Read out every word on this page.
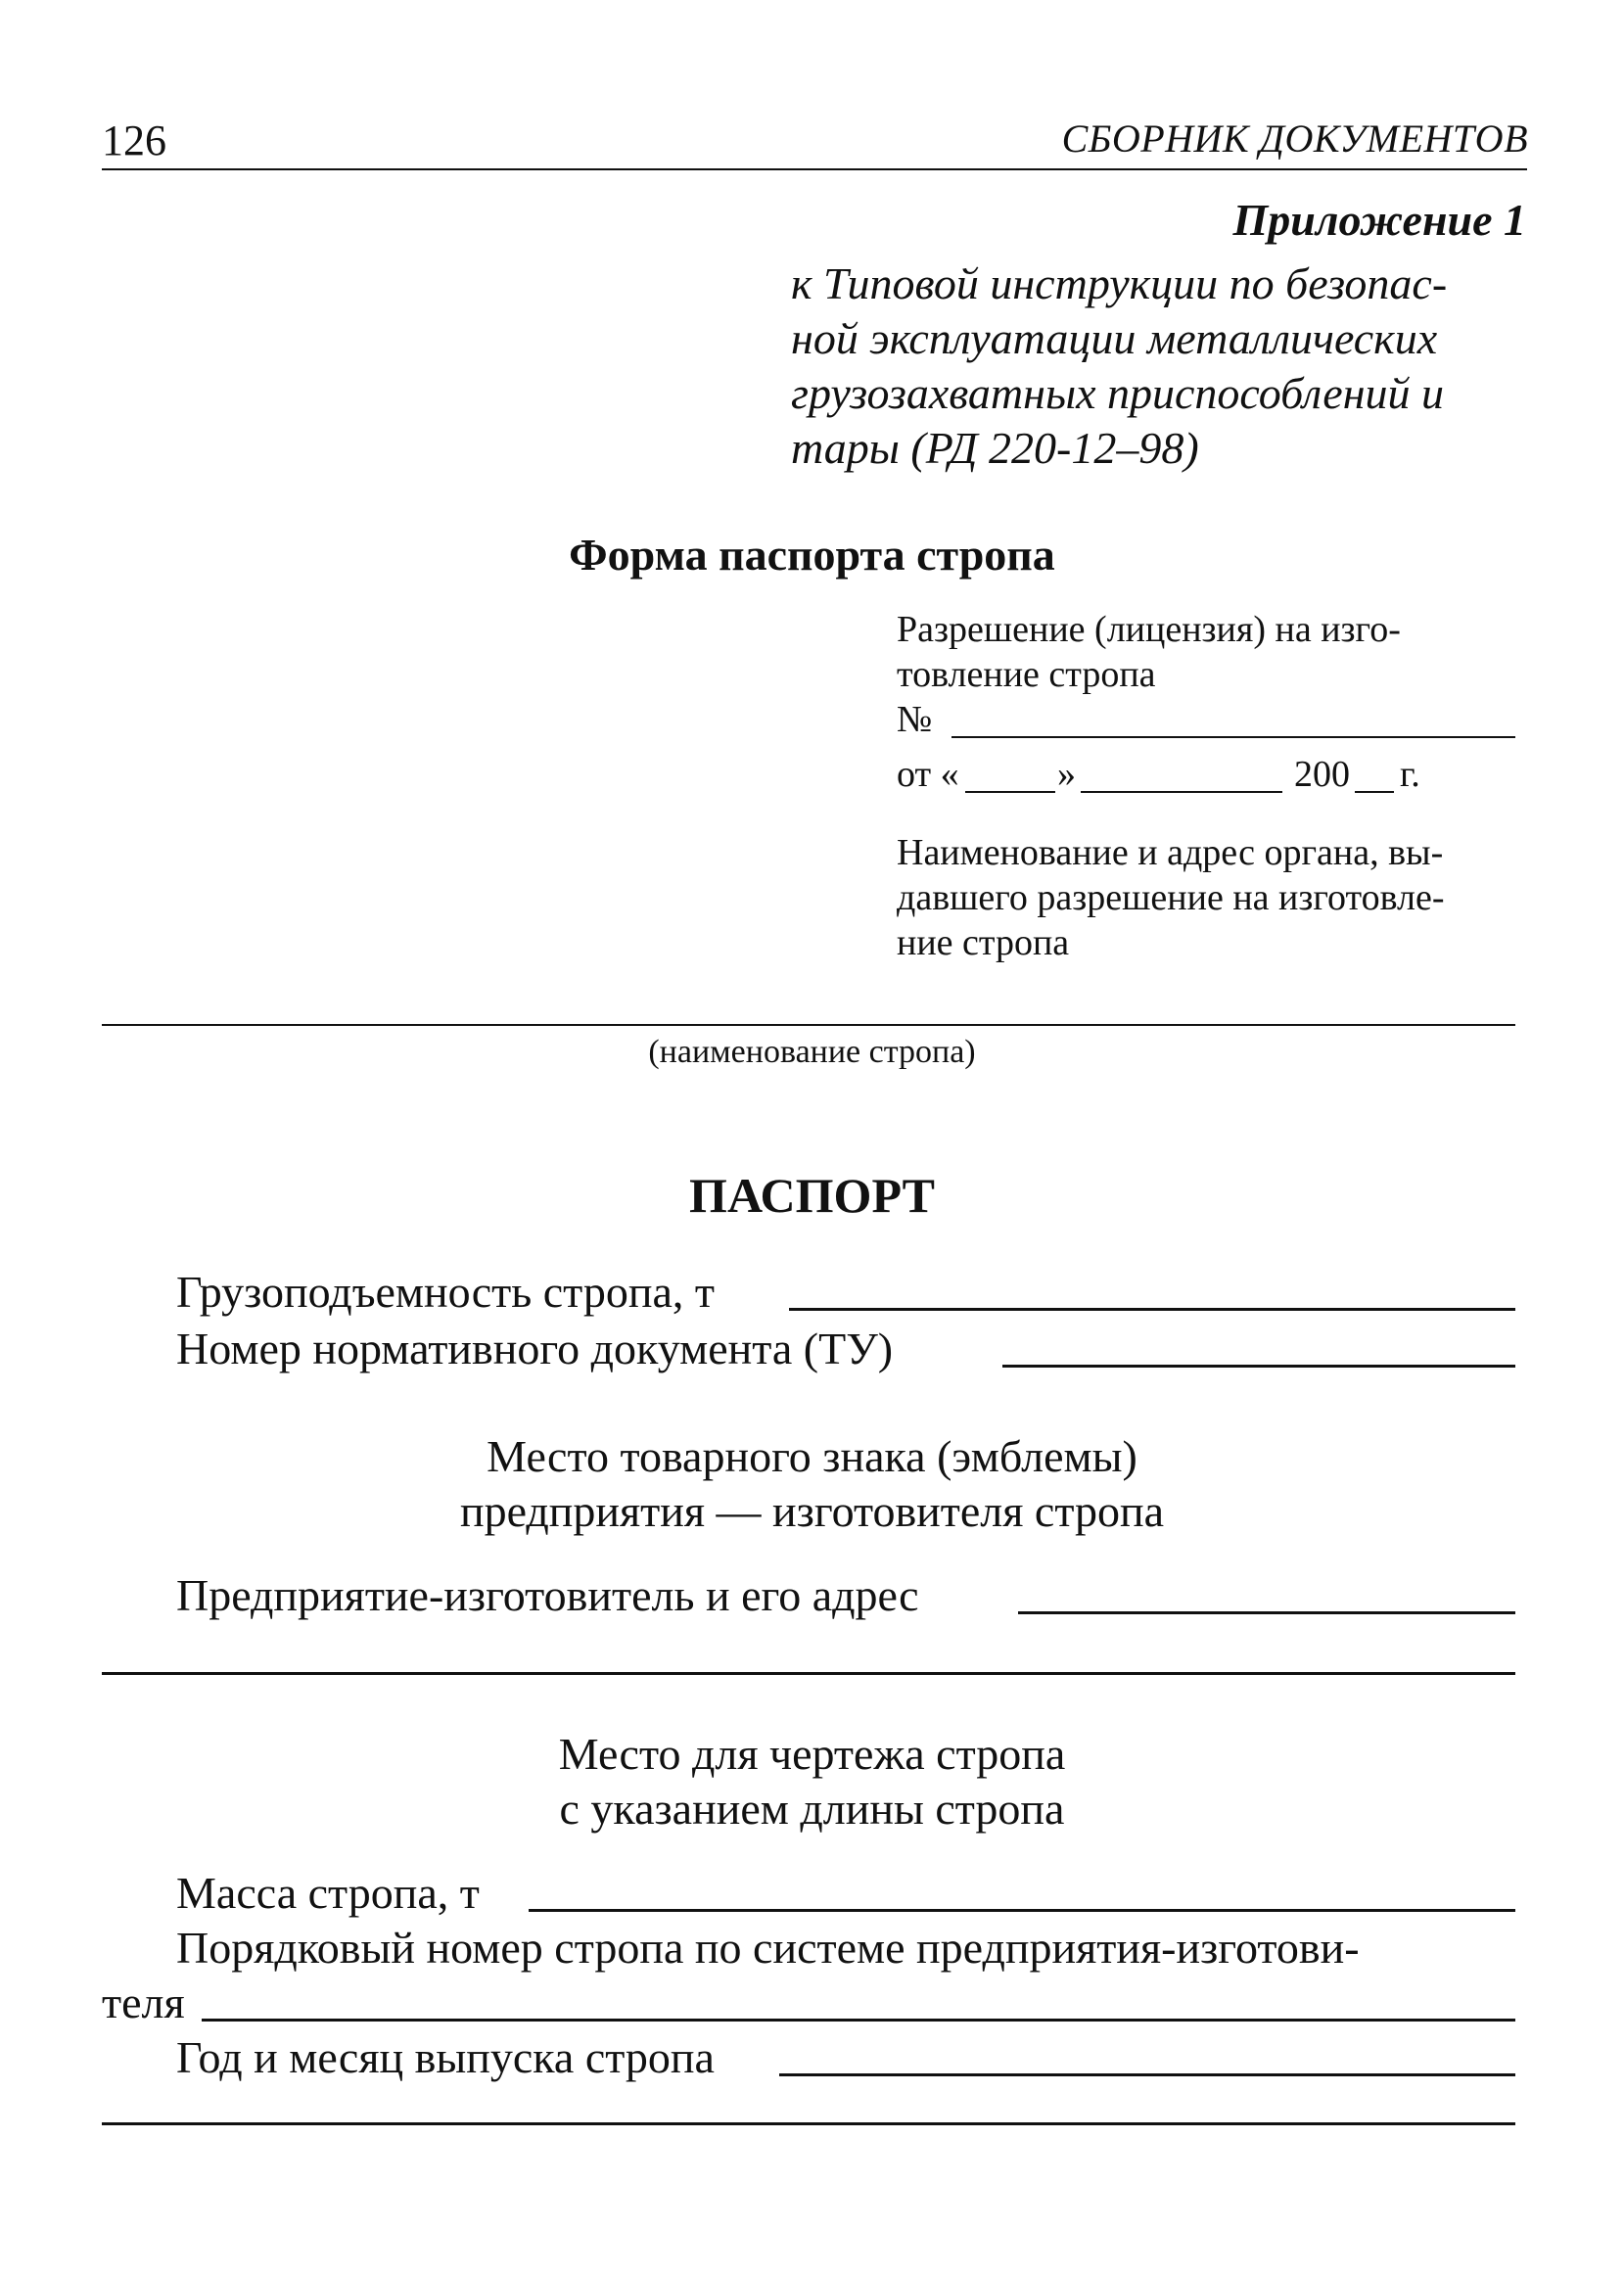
126	СБОРНИК ДОКУМЕНТОВ
Приложение 1
к Типовой инструкции по безопас-
ной эксплуатации металлических
грузозахватных приспособлений и
тары (РД 220-12–98)
Форма паспорта стропа
Разрешение (лицензия) на изго-
товление стропа
№
от «	»	200 г.
Наименование и адрес органа, вы-
давшего разрешение на изготовле-
ние стропа
(наименование стропа)
ПАСПОРТ
Грузоподъемность стропа, т
Номер нормативного документа (ТУ)
Место товарного знака (эмблемы)
предприятия — изготовителя стропа
Предприятие-изготовитель и его адрес
Место для чертежа стропа
с указанием длины стропа
Масса стропа, т
Порядковый номер стропа по системе предприятия-изготови-
теля
Год и месяц выпуска стропа
